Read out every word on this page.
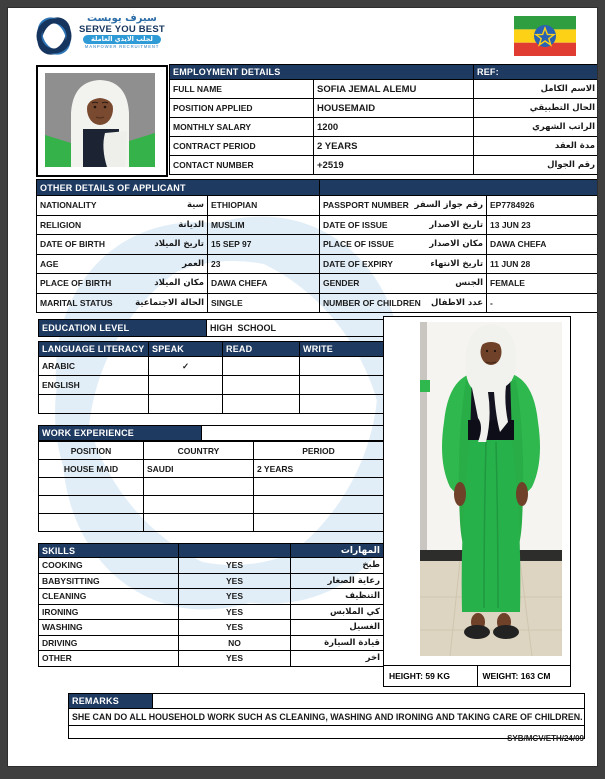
سيرف يوبست
SERVE YOU BEST
لجلب الايدي العاملة
MANPOWER RECRUITMENT
EMPLOYMENT DETAILS		REF:
FULL NAME	SOFIA JEMAL ALEMU	الاسم الكامل
POSITION APPLIED	HOUSEMAID	الحال التطبيقي
MONTHLY SALARY	1200	الراتب الشهري
CONTRACT PERIOD	2 YEARS	مدة العقد
CONTACT NUMBER	+2519	رقم الجوال
OTHER DETAILS OF APPLICANT			

NATIONALITY سية	ETHIOPIAN	PASSPORT NUMBER رقم جواز السفر	EP7784926

RELIGION الديانة	MUSLIM	DATE OF ISSUE تاريخ الاصدار	13 JUN 23

DATE OF BIRTH تاريخ الميلاد	15 SEP 97	PLACE OF ISSUE مكان الاصدار	DAWA CHEFA

AGE العمر	23	DATE OF EXPIRY تاريخ الانتهاء	11 JUN 28

PLACE OF BIRTH مكان الميلاد	DAWA CHEFA	GENDER الجنس	FEMALE

MARITAL STATUS الحالة الاجتماعية	SINGLE	NUMBER OF CHILDREN عدد الاطفال	-
EDUCATION LEVEL	HIGH  SCHOOL
LANGUAGE LITERACY	SPEAK	READ	WRITE
ARABIC	✓		
ENGLISH			

WORK EXPERIENCE	
POSITION	COUNTRY	PERIOD
HOUSE MAID	SAUDI	2 YEARS

SKILLS		المهارات
COOKING	YES	طبخ
BABYSITTING	YES	رعاية الصغار
CLEANING	YES	التنظيف
IRONING	YES	كي الملابس
WASHING	YES	الغسيل
DRIVING	NO	قيادة السيارة
OTHER	YES	اخر
HEIGHT: 59 KG	WEIGHT: 163 CM
REMARKS	
SHE CAN DO ALL HOUSEHOLD WORK SUCH AS CLEANING, WASHING AND IRONING AND TAKING CARE OF CHILDREN.

SYB/MCV/ETH/24/09
